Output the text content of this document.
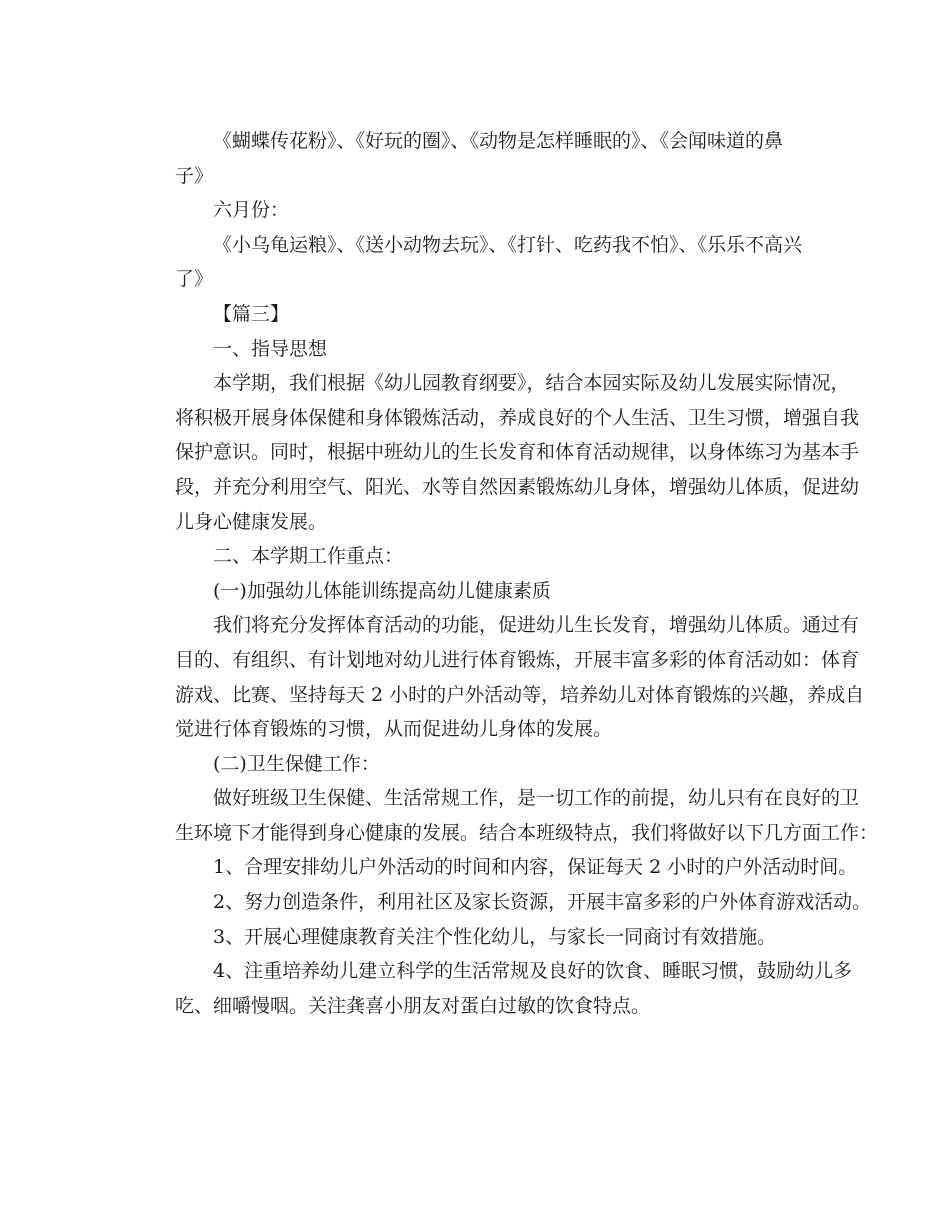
《蝴蝶传花粉》、《好玩的圈》、《动物是怎样睡眠的》、《会闻味道的鼻
子》

六月份：

《小乌龟运粮》、《送小动物去玩》、《打针、吃药我不怕》、《乐乐不高兴
了》

【篇三】

一、指导思想

本学期，我们根据《幼儿园教育纲要》，结合本园实际及幼儿发展实际情况，
将积极开展身体保健和身体锻炼活动，养成良好的个人生活、卫生习惯，增强自我
保护意识。同时，根据中班幼儿的生长发育和体育活动规律，以身体练习为基本手
段，并充分利用空气、阳光、水等自然因素锻炼幼儿身体，增强幼儿体质，促进幼
儿身心健康发展。

二、本学期工作重点：

(一)加强幼儿体能训练提高幼儿健康素质

我们将充分发挥体育活动的功能，促进幼儿生长发育，增强幼儿体质。通过有
目的、有组织、有计划地对幼儿进行体育锻炼，开展丰富多彩的体育活动如：体育
游戏、比赛、坚持每天 2 小时的户外活动等，培养幼儿对体育锻炼的兴趣，养成自
觉进行体育锻炼的习惯，从而促进幼儿身体的发展。

(二)卫生保健工作：

做好班级卫生保健、生活常规工作，是一切工作的前提，幼儿只有在良好的卫
生环境下才能得到身心健康的发展。结合本班级特点，我们将做好以下几方面工作：

1、合理安排幼儿户外活动的时间和内容，保证每天 2 小时的户外活动时间。

2、努力创造条件，利用社区及家长资源，开展丰富多彩的户外体育游戏活动。

3、开展心理健康教育关注个性化幼儿，与家长一同商讨有效措施。

4、注重培养幼儿建立科学的生活常规及良好的饮食、睡眠习惯，鼓励幼儿多
吃、细嚼慢咽。关注龚喜小朋友对蛋白过敏的饮食特点。
